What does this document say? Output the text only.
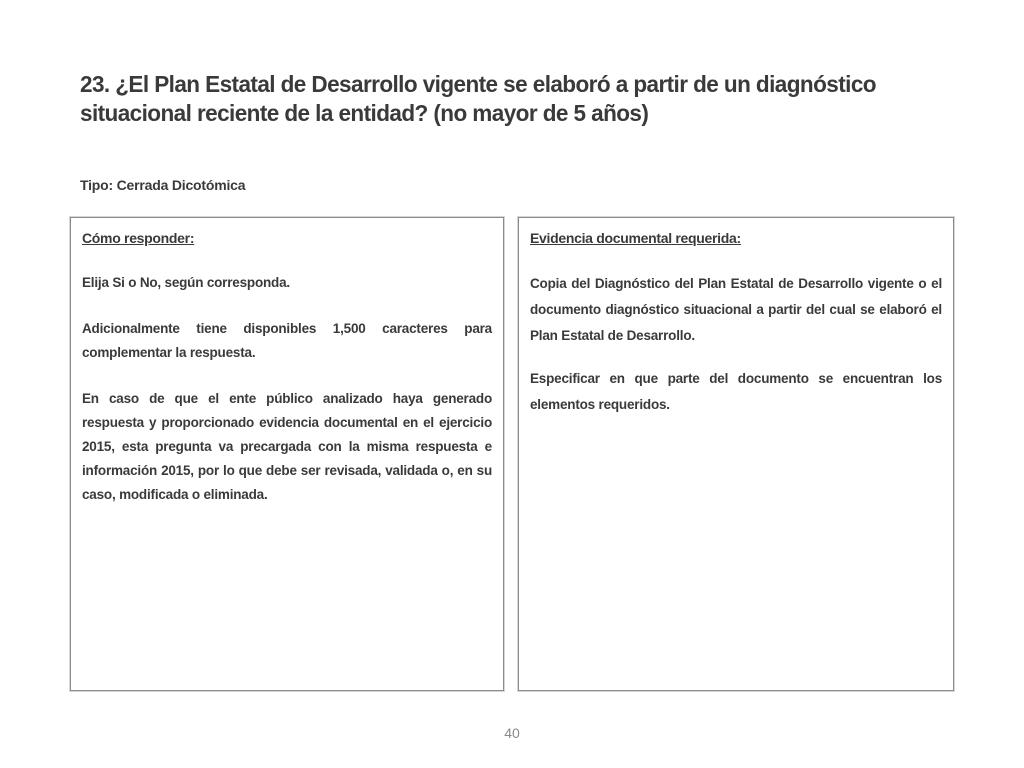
23. ¿El Plan Estatal de Desarrollo vigente se elaboró a partir de un diagnóstico situacional reciente de la entidad? (no mayor de 5 años)
Tipo: Cerrada Dicotómica
Cómo responder:

Elija Si o No, según corresponda.

Adicionalmente tiene disponibles 1,500 caracteres para complementar la respuesta.

En caso de que el ente público analizado haya generado respuesta y proporcionado evidencia documental en el ejercicio 2015, esta pregunta va precargada con la misma respuesta e información 2015, por lo que debe ser revisada, validada o, en su caso, modificada o eliminada.

Evidencia documental requerida:

Copia del Diagnóstico del Plan Estatal de Desarrollo vigente o el documento diagnóstico situacional a partir del cual se elaboró el Plan Estatal de Desarrollo.

Especificar en que parte del documento se encuentran los elementos requeridos.

40
